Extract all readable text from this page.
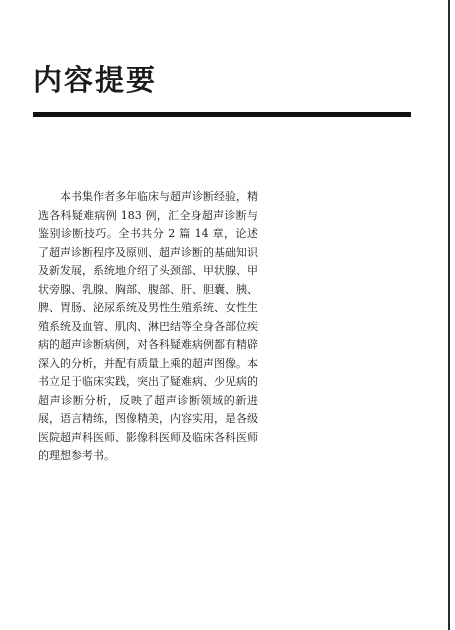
内容提要

本书集作者多年临床与超声诊断经验，精选各科疑难病例 183 例，汇全身超声诊断与鉴别诊断技巧。全书共分 2 篇 14 章，论述了超声诊断程序及原则、超声诊断的基础知识及新发展，系统地介绍了头颈部、甲状腺、甲状旁腺、乳腺、胸部、腹部、肝、胆囊、胰、脾、胃肠、泌尿系统及男性生殖系统、女性生殖系统及血管、肌肉、淋巴结等全身各部位疾病的超声诊断病例，对各科疑难病例都有精辟深入的分析，并配有质量上乘的超声图像。本书立足于临床实践，突出了疑难病、少见病的超声诊断分析，反映了超声诊断领域的新进展，语言精练，图像精美，内容实用，是各级医院超声科医师、影像科医师及临床各科医师的理想参考书。
